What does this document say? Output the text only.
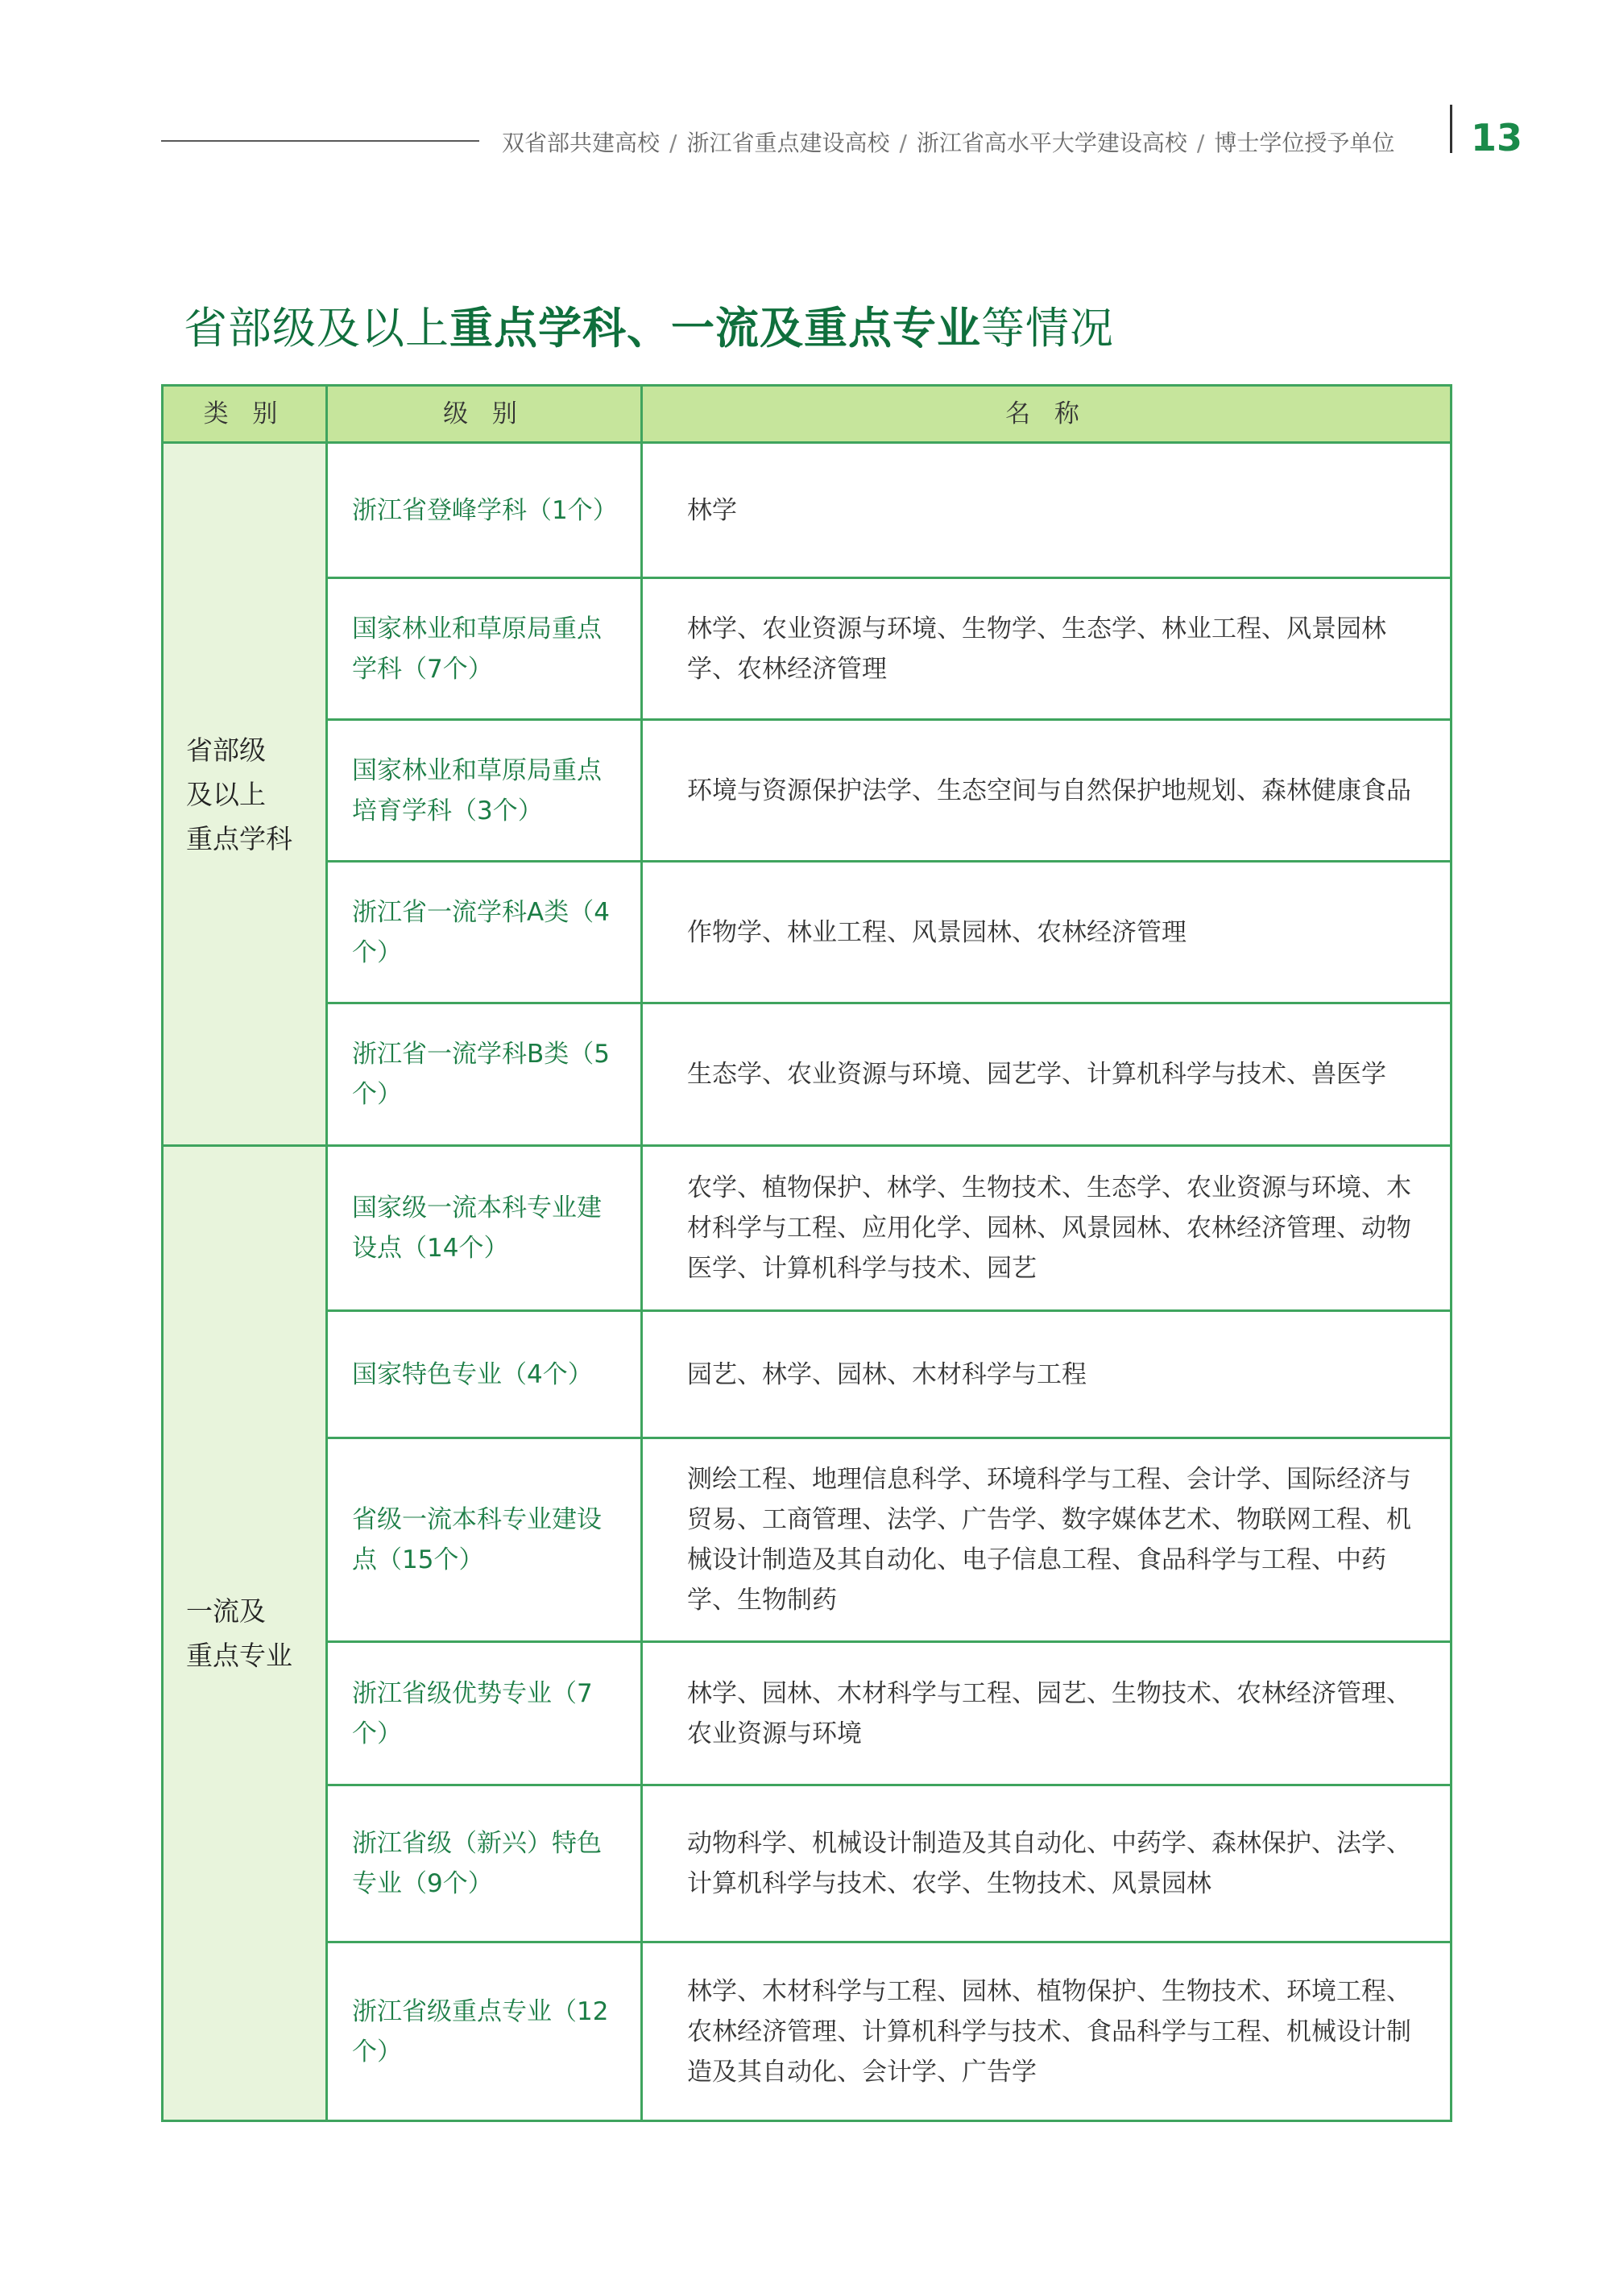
双省部共建高校 / 浙江省重点建设高校 / 浙江省高水平大学建设高校 / 博士学位授予单位 13
省部级及以上重点学科、一流及重点专业等情况
类 别	级 别	名 称
省部级
及以上
重点学科	浙江省登峰学科（1个）	林学
	国家林业和草原局重点学科（7个）	林学、农业资源与环境、生物学、生态学、林业工程、风景园林学、农林经济管理
	国家林业和草原局重点培育学科（3个）	环境与资源保护法学、生态空间与自然保护地规划、森林健康食品
	浙江省一流学科A类（4个）	作物学、林业工程、风景园林、农林经济管理
	浙江省一流学科B类（5个）	生态学、农业资源与环境、园艺学、计算机科学与技术、兽医学
一流及
重点专业	国家级一流本科专业建设点（14个）	农学、植物保护、林学、生物技术、生态学、农业资源与环境、木材科学与工程、应用化学、园林、风景园林、农林经济管理、动物医学、计算机科学与技术、园艺
	国家特色专业（4个）	园艺、林学、园林、木材科学与工程
	省级一流本科专业建设点（15个）	测绘工程、地理信息科学、环境科学与工程、会计学、国际经济与贸易、工商管理、法学、广告学、数字媒体艺术、物联网工程、机械设计制造及其自动化、电子信息工程、食品科学与工程、中药学、生物制药
	浙江省级优势专业（7个）	林学、园林、木材科学与工程、园艺、生物技术、农林经济管理、农业资源与环境
	浙江省级（新兴）特色专业（9个）	动物科学、机械设计制造及其自动化、中药学、森林保护、法学、计算机科学与技术、农学、生物技术、风景园林
	浙江省级重点专业（12个）	林学、木材科学与工程、园林、植物保护、生物技术、环境工程、农林经济管理、计算机科学与技术、食品科学与工程、机械设计制造及其自动化、会计学、广告学
